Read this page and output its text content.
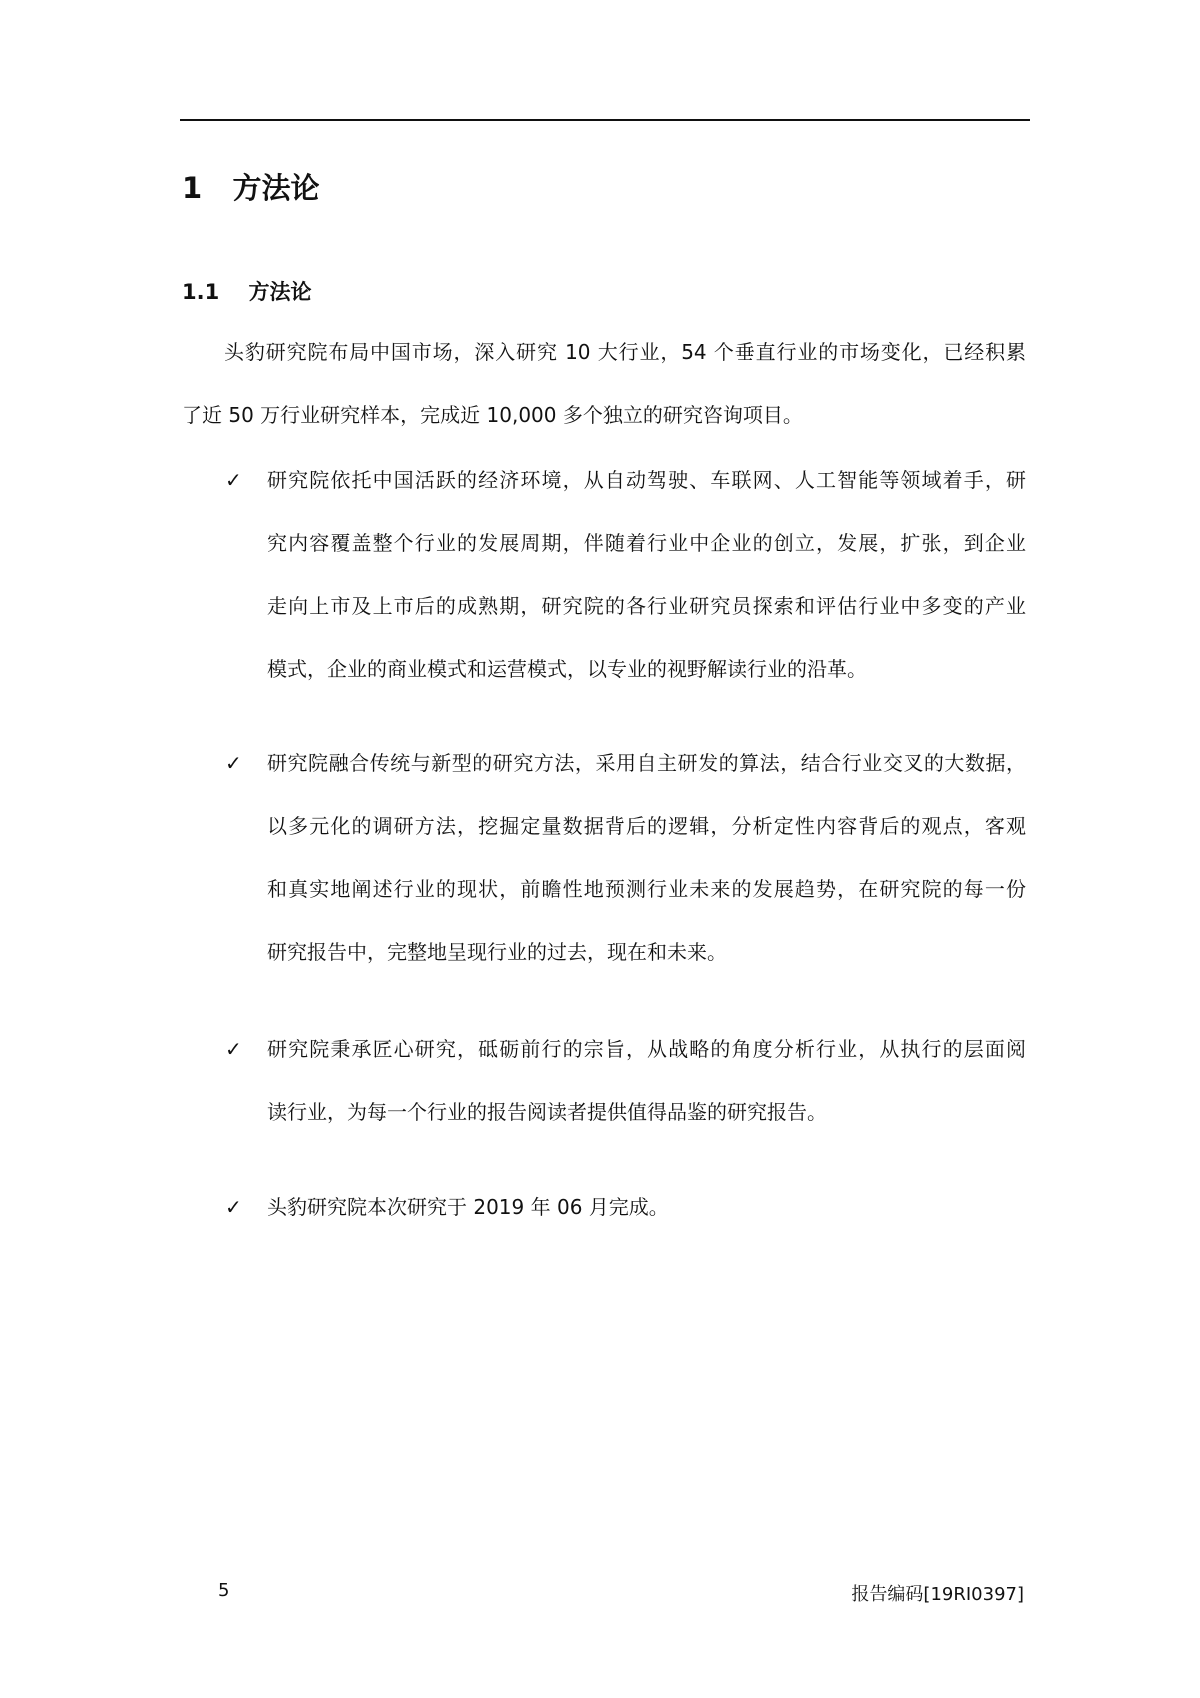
1   方法论
1.1    方法论
头豹研究院布局中国市场，深入研究 10 大行业，54 个垂直行业的市场变化，已经积累
了近 50 万行业研究样本，完成近 10,000 多个独立的研究咨询项目。
✓ 研究院依托中国活跃的经济环境，从自动驾驶、车联网、人工智能等领域着手，研
究内容覆盖整个行业的发展周期，伴随着行业中企业的创立，发展，扩张，到企业
走向上市及上市后的成熟期，研究院的各行业研究员探索和评估行业中多变的产业
模式，企业的商业模式和运营模式，以专业的视野解读行业的沿革。
✓ 研究院融合传统与新型的研究方法，采用自主研发的算法，结合行业交叉的大数据，
以多元化的调研方法，挖掘定量数据背后的逻辑，分析定性内容背后的观点，客观
和真实地阐述行业的现状，前瞻性地预测行业未来的发展趋势，在研究院的每一份
研究报告中，完整地呈现行业的过去，现在和未来。
✓ 研究院秉承匠心研究，砥砺前行的宗旨，从战略的角度分析行业，从执行的层面阅
读行业，为每一个行业的报告阅读者提供值得品鉴的研究报告。
✓ 头豹研究院本次研究于 2019 年 06 月完成。
5	报告编码[19RI0397]
